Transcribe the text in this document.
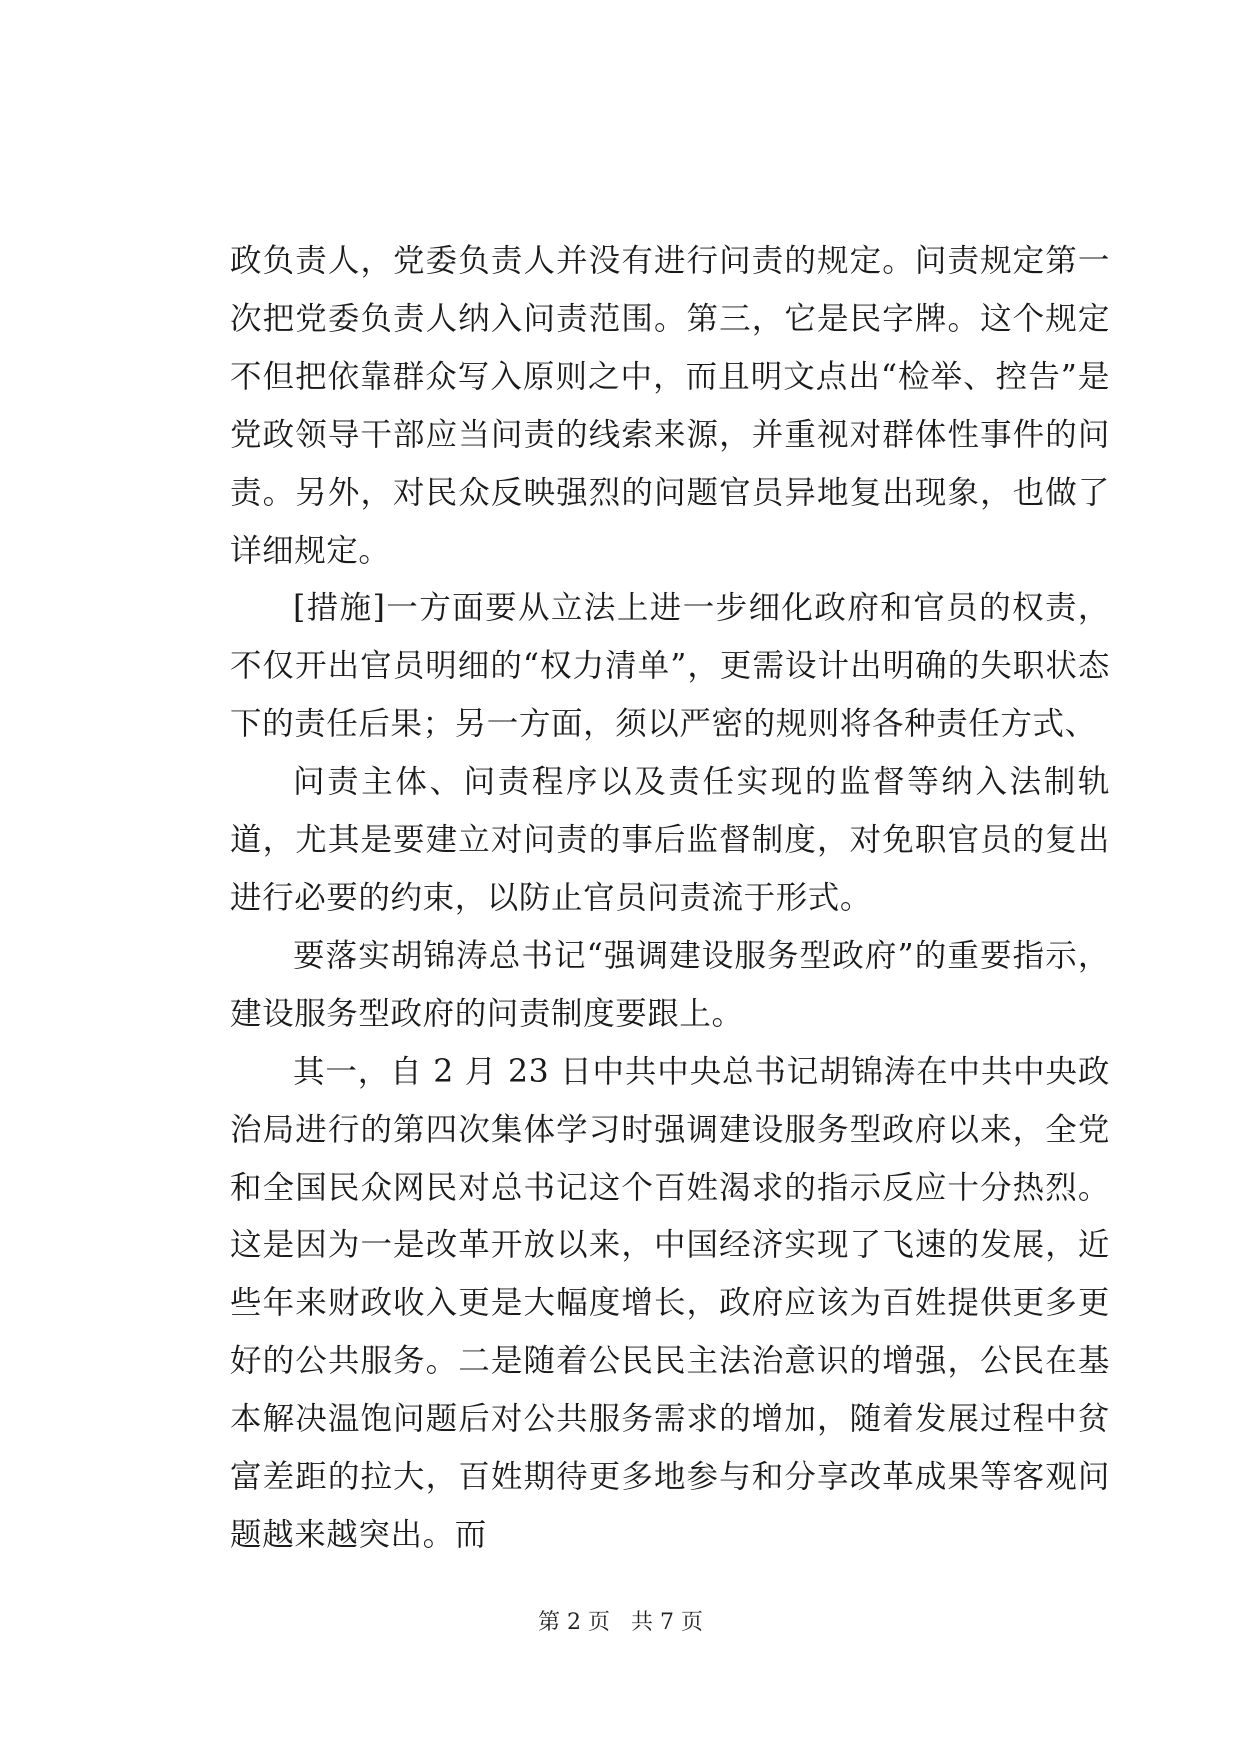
政负责人，党委负责人并没有进行问责的规定。问责规定第一次把党委负责人纳入问责范围。第三，它是民字牌。这个规定不但把依靠群众写入原则之中，而且明文点出“检举、控告”是党政领导干部应当问责的线索来源，并重视对群体性事件的问责。另外，对民众反映强烈的问题官员异地复出现象，也做了详细规定。

[措施]一方面要从立法上进一步细化政府和官员的权责，不仅开出官员明细的“权力清单”，更需设计出明确的失职状态下的责任后果；另一方面，须以严密的规则将各种责任方式、

问责主体、问责程序以及责任实现的监督等纳入法制轨道，尤其是要建立对问责的事后监督制度，对免职官员的复出进行必要的约束，以防止官员问责流于形式。

要落实胡锦涛总书记“强调建设服务型政府”的重要指示，建设服务型政府的问责制度要跟上。

其一，自 2 月 23 日中共中央总书记胡锦涛在中共中央政治局进行的第四次集体学习时强调建设服务型政府以来，全党和全国民众网民对总书记这个百姓渴求的指示反应十分热烈。这是因为一是改革开放以来，中国经济实现了飞速的发展，近些年来财政收入更是大幅度增长，政府应该为百姓提供更多更好的公共服务。二是随着公民民主法治意识的增强，公民在基本解决温饱问题后对公共服务需求的增加，随着发展过程中贫富差距的拉大，百姓期待更多地参与和分享改革成果等客观问题越来越突出。而

第 2 页 共 7 页
